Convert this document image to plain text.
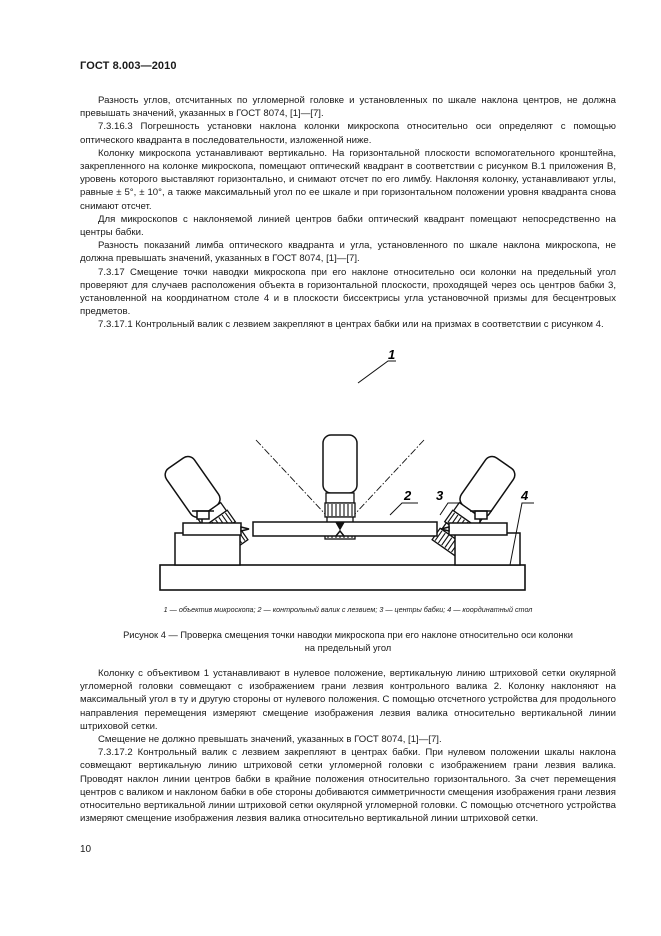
ГОСТ 8.003—2010

Разность углов, отсчитанных по угломерной головке и установленных по шкале наклона центров, не должна превышать значений, указанных в ГОСТ 8074, [1]—[7].

7.3.16.3 Погрешность установки наклона колонки микроскопа относительно оси определяют с помощью оптического квадранта в последовательности, изложенной ниже.

Колонку микроскопа устанавливают вертикально. На горизонтальной плоскости вспомогательного кронштейна, закрепленного на колонке микроскопа, помещают оптический квадрант в соответствии с рисунком В.1 приложения В, уровень которого выставляют горизонтально, и снимают отсчет по его лимбу. Наклоняя колонку, устанавливают углы, равные ± 5°, ± 10°, а также максимальный угол по ее шкале и при горизонтальном положении уровня квадранта снова снимают отсчет.

Для микроскопов с наклоняемой линией центров бабки оптический квадрант помещают непосредственно на центры бабки.

Разность показаний лимба оптического квадранта и угла, установленного по шкале наклона микроскопа, не должна превышать значений, указанных в ГОСТ 8074, [1]—[7].

7.3.17 Смещение точки наводки микроскопа при его наклоне относительно оси колонки на предельный угол проверяют для случаев расположения объекта в горизонтальной плоскости, проходящей через ось центров бабки 3, установленной на координатном столе 4 и в плоскости биссектрисы угла установочной призмы для бесцентровых предметов.

7.3.17.1 Контрольный валик с лезвием закрепляют в центрах бабки или на призмах в соответствии с рисунком 4.

1
2 3	4
1 — объектив микроскопа; 2 — контрольный валик с лезвием; 3 — центры бабки; 4 — координатный стол
Рисунок 4 — Проверка смещения точки наводки микроскопа при его наклоне относительно оси колонки
на предельный угол

Колонку с объективом 1 устанавливают в нулевое положение, вертикальную линию штриховой сетки окулярной угломерной головки совмещают с изображением грани лезвия контрольного валика 2. Колонку наклоняют на максимальный угол в ту и другую стороны от нулевого положения. С помощью отсчетного устройства для продольного направления перемещения измеряют смещение изображения лезвия валика относительно вертикальной линии штриховой сетки.

Смещение не должно превышать значений, указанных в ГОСТ 8074, [1]—[7].

7.3.17.2 Контрольный валик с лезвием закрепляют в центрах бабки. При нулевом положении шкалы наклона совмещают вертикальную линию штриховой сетки угломерной головки с изображением грани лезвия валика. Проводят наклон линии центров бабки в крайние положения относительно горизонтального. За счет перемещения центров с валиком и наклоном бабки в обе стороны добиваются симметричности смещения изображения грани лезвия относительно вертикальной линии штриховой сетки окулярной угломерной головки. С помощью отсчетного устройства измеряют смещение изображения лезвия валика относительно вертикальной линии штриховой сетки.

10
